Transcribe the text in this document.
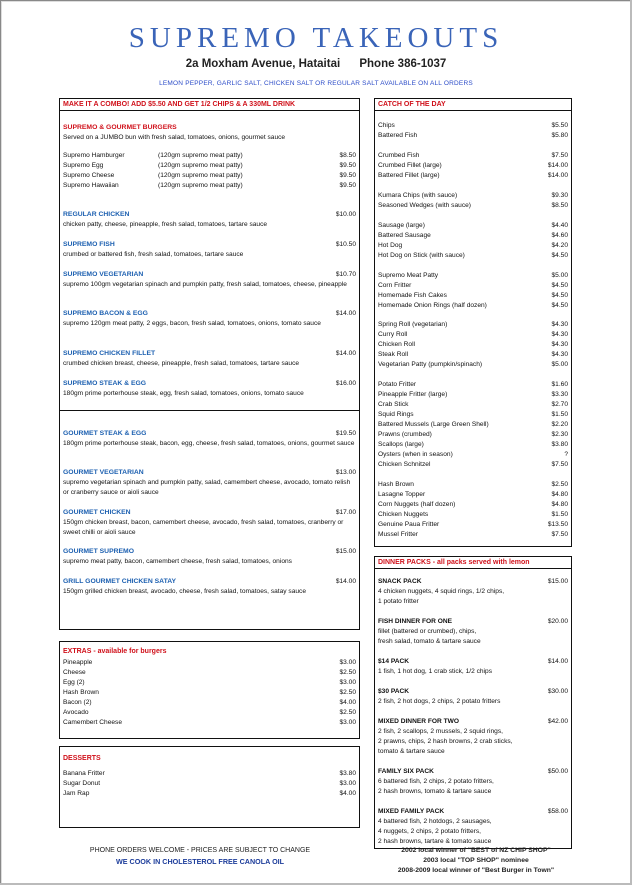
SUPREMO TAKEOUTS
2a Moxham Avenue, Hataitai Phone 386-1037
LEMON PEPPER, GARLIC SALT, CHICKEN SALT OR REGULAR SALT AVAILABLE ON ALL ORDERS
MAKE IT A COMBO! ADD $5.50 AND GET 1/2 CHIPS & A 330ML DRINK
SUPREMO & GOURMET BURGERS
Served on a JUMBO bun with fresh salad, tomatoes, onions, gourmet sauce
Supremo Hamburger	(120gm supremo meat patty)	$8.50
Supremo Egg	(120gm supremo meat patty)	$9.50
Supremo Cheese	(120gm supremo meat patty)	$9.50
Supremo Hawaiian	(120gm supremo meat patty)	$9.50
REGULAR CHICKEN	$10.00
chicken patty, cheese, pineapple, fresh salad, tomatoes, tartare sauce
SUPREMO FISH	$10.50
crumbed or battered fish, fresh salad, tomatoes, tartare sauce
SUPREMO VEGETARIAN	$10.70
supremo 100gm vegetarian spinach and pumpkin patty, fresh salad, tomatoes, cheese, pineapple
SUPREMO BACON & EGG	$14.00
supremo 120gm meat patty, 2 eggs, bacon, fresh salad, tomatoes, onions, tomato sauce
SUPREMO CHICKEN FILLET	$14.00
crumbed chicken breast, cheese, pineapple, fresh salad, tomatoes, tartare sauce
SUPREMO STEAK & EGG	$16.00
180gm prime porterhouse steak, egg, fresh salad, tomatoes, onions, tomato sauce
GOURMET STEAK & EGG	$19.50
180gm prime porterhouse steak, bacon, egg, cheese, fresh salad, tomatoes, onions, gourmet sauce
GOURMET VEGETARIAN	$13.00
supremo vegetarian spinach and pumpkin patty, salad, camembert cheese, avocado, tomato relish or cranberry sauce or aioli sauce
GOURMET CHICKEN	$17.00
150gm chicken breast, bacon, camembert cheese, avocado, fresh salad, tomatoes, cranberry or sweet chilli or aioli sauce
GOURMET SUPREMO	$15.00
supremo meat patty, bacon, camembert cheese, fresh salad, tomatoes, onions
GRILL GOURMET CHICKEN SATAY	$14.00
150gm grilled chicken breast, avocado, cheese, fresh salad, tomatoes, satay sauce
EXTRAS - available for burgers
Pineapple	$3.00
Cheese	$2.50
Egg (2)	$3.00
Hash Brown	$2.50
Bacon (2)	$4.00
Avocado	$2.50
Camembert Cheese	$3.00
DESSERTS
Banana Fritter	$3.80
Sugar Donut	$3.00
Jam Rap	$4.00
CATCH OF THE DAY
Chips	$5.50
Battered Fish	$5.80
Crumbed Fish	$7.50
Crumbed Fillet (large)	$14.00
Battered Fillet (large)	$14.00
Kumara Chips (with sauce)	$9.30
Seasoned Wedges (with sauce)	$8.50
Sausage (large)	$4.40
Battered Sausage	$4.60
Hot Dog	$4.20
Hot Dog on Stick (with sauce)	$4.50
Supremo Meat Patty	$5.00
Corn Fritter	$4.50
Homemade Fish Cakes	$4.50
Homemade Onion Rings (half dozen)	$4.50
Spring Roll (vegetarian)	$4.30
Curry Roll	$4.30
Chicken Roll	$4.30
Steak Roll	$4.30
Vegetarian Patty (pumpkin/spinach)	$5.00
Potato Fritter	$1.60
Pineapple Fritter (large)	$3.30
Crab Stick	$2.70
Squid Rings	$1.50
Battered Mussels (Large Green Shell)	$2.20
Prawns (crumbed)	$2.30
Scallops (large)	$3.80
Oysters (when in season)	?
Chicken Schnitzel	$7.50
Hash Brown	$2.50
Lasagne Topper	$4.80
Corn Nuggets (half dozen)	$4.80
Chicken Nuggets	$1.50
Genuine Paua Fritter	$13.50
Mussel Fritter	$7.50
DINNER PACKS - all packs served with lemon
SNACK PACK	$15.00
4 chicken nuggets, 4 squid rings, 1/2 chips,
1 potato fritter
FISH DINNER FOR ONE	$20.00
fillet (battered or crumbed), chips,
fresh salad, tomato & tartare sauce
$14 PACK	$14.00
1 fish, 1 hot dog, 1 crab stick, 1/2 chips
$30 PACK	$30.00
2 fish, 2 hot dogs, 2 chips, 2 potato fritters
MIXED DINNER FOR TWO	$42.00
2 fish, 2 scallops, 2 mussels, 2 squid rings,
2 prawns, chips, 2 hash browns, 2 crab sticks,
tomato & tartare sauce
FAMILY SIX PACK	$50.00
6 battered fish, 2 chips, 2 potato fritters,
2 hash browns, tomato & tartare sauce
MIXED FAMILY PACK	$58.00
4 battered fish, 2 hotdogs, 2 sausages,
4 nuggets, 2 chips, 2 potato fritters,
2 hash browns, tartare & tomato sauce
PHONE ORDERS WELCOME - PRICES ARE SUBJECT TO CHANGE
WE COOK IN CHOLESTEROL FREE CANOLA OIL
2002 local winner of "BEST of NZ CHIP SHOP"
2003 local "TOP SHOP" nominee
2008-2009 local winner of "Best Burger in Town"
